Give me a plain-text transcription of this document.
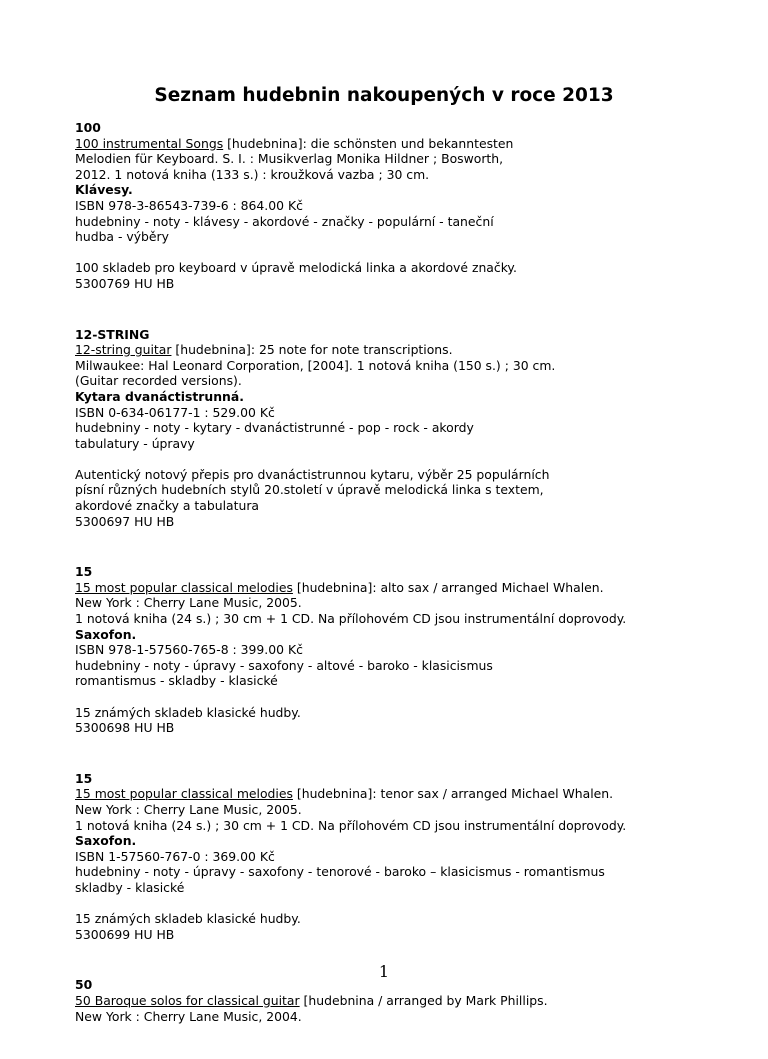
Seznam hudebnin nakoupených v roce 2013
100
100 instrumental Songs [hudebnina]: die schönsten und bekanntesten
Melodien für Keyboard. S. I. : Musikverlag Monika Hildner ; Bosworth,
2012. 1 notová kniha (133 s.) : kroužková vazba ; 30 cm.
Klávesy.
ISBN 978-3-86543-739-6 : 864.00 Kč
hudebniny - noty - klávesy - akordové - značky - populární - taneční
hudba - výběry
100 skladeb pro keyboard v úpravě melodická linka a akordové značky.
5300769 HU HB
12-STRING
12-string guitar [hudebnina]: 25 note for note transcriptions.
Milwaukee: Hal Leonard Corporation, [2004]. 1 notová kniha (150 s.) ; 30 cm.
(Guitar recorded versions).
Kytara dvanáctistrunná.
ISBN 0-634-06177-1 : 529.00 Kč
hudebniny - noty - kytary - dvanáctistrunné - pop - rock - akordy
tabulatury - úpravy
Autentický notový přepis pro dvanáctistrunnou kytaru, výběr 25 populárních
písní různých hudebních stylů 20.století v úpravě melodická linka s textem,
akordové značky a tabulatura
5300697 HU HB
15
15 most popular classical melodies [hudebnina]: alto sax / arranged Michael Whalen.
New York : Cherry Lane Music, 2005.
1 notová kniha (24 s.) ; 30 cm + 1 CD. Na přílohovém CD jsou instrumentální doprovody.
Saxofon.
ISBN 978-1-57560-765-8 : 399.00 Kč
hudebniny - noty - úpravy - saxofony - altové - baroko - klasicismus
romantismus - skladby - klasické
15 známých skladeb klasické hudby.
5300698 HU HB
15
15 most popular classical melodies [hudebnina]: tenor sax / arranged Michael Whalen.
New York : Cherry Lane Music, 2005.
1 notová kniha (24 s.) ; 30 cm + 1 CD. Na přílohovém CD jsou instrumentální doprovody.
Saxofon.
ISBN 1-57560-767-0 : 369.00 Kč
hudebniny - noty - úpravy - saxofony - tenorové - baroko – klasicismus - romantismus
skladby - klasické
15 známých skladeb klasické hudby.
5300699 HU HB
50
50 Baroque solos for classical guitar [hudebnina / arranged by Mark Phillips.
New York : Cherry Lane Music, 2004.
1
